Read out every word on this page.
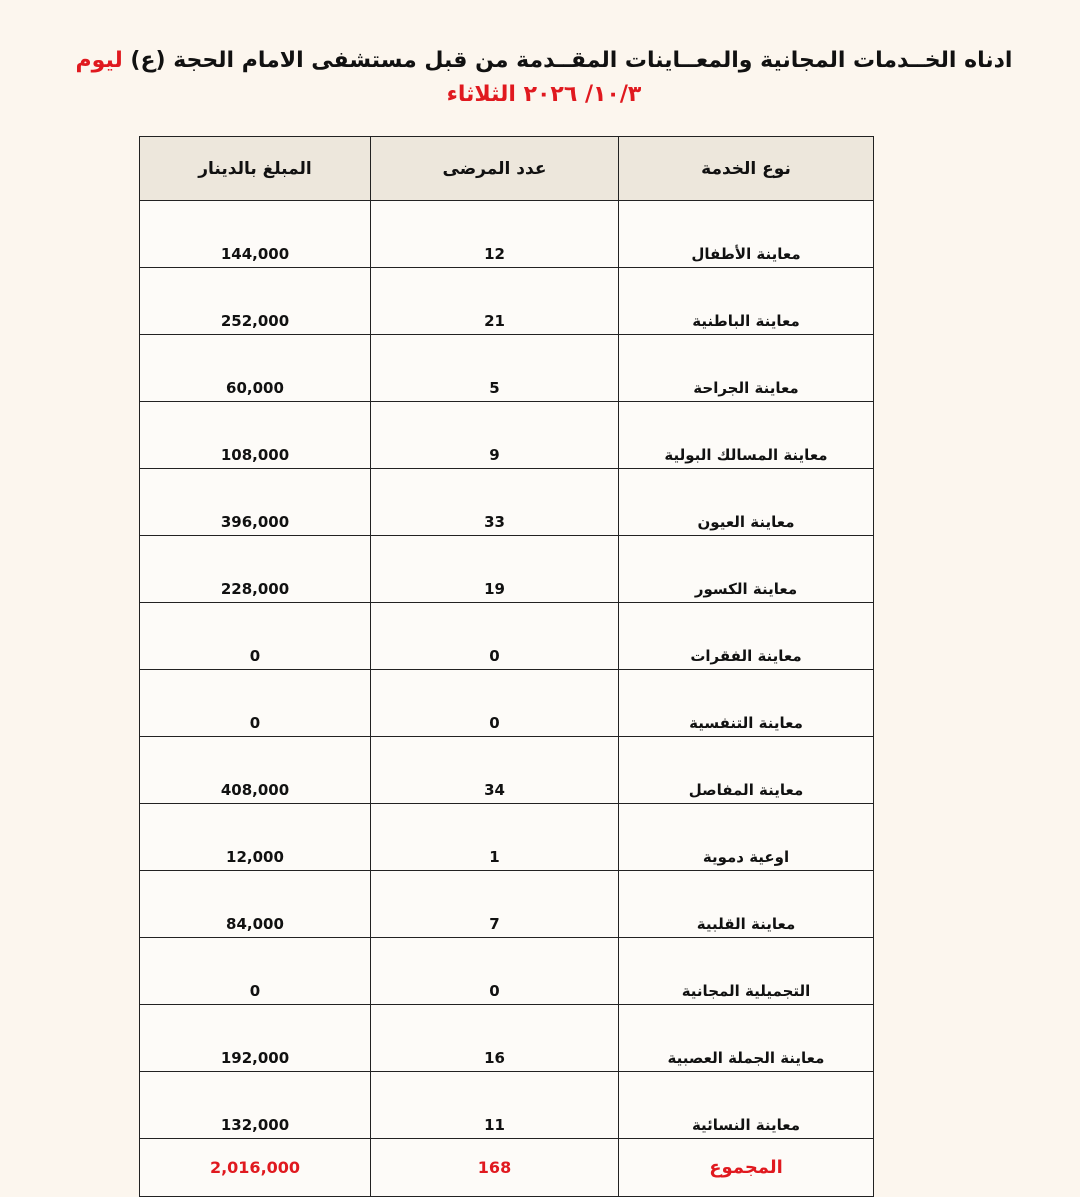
ادناه الخــدمات المجانية والمعــاينات المقــدمة من قبل مستشفى الامام الحجة (ع) ليوم
١٠/٣/ ٢٠٢٦ الثلاثاء
نوع الخدمة	عدد المرضى	المبلغ بالدينار
معاينة الأطفال	12	144,000
معاينة الباطنية	21	252,000
معاينة الجراحة	5	60,000
معاينة المسالك البولية	9	108,000
معاينة العيون	33	396,000
معاينة الكسور	19	228,000
معاينة الفقرات	0	0
معاينة التنفسية	0	0
معاينة المفاصل	34	408,000
اوعية دموية	1	12,000
معاينة القلبية	7	84,000
التجميلية المجانية	0	0
معاينة الجملة العصبية	16	192,000
معاينة النسائية	11	132,000
المجموع	168	2,016,000
